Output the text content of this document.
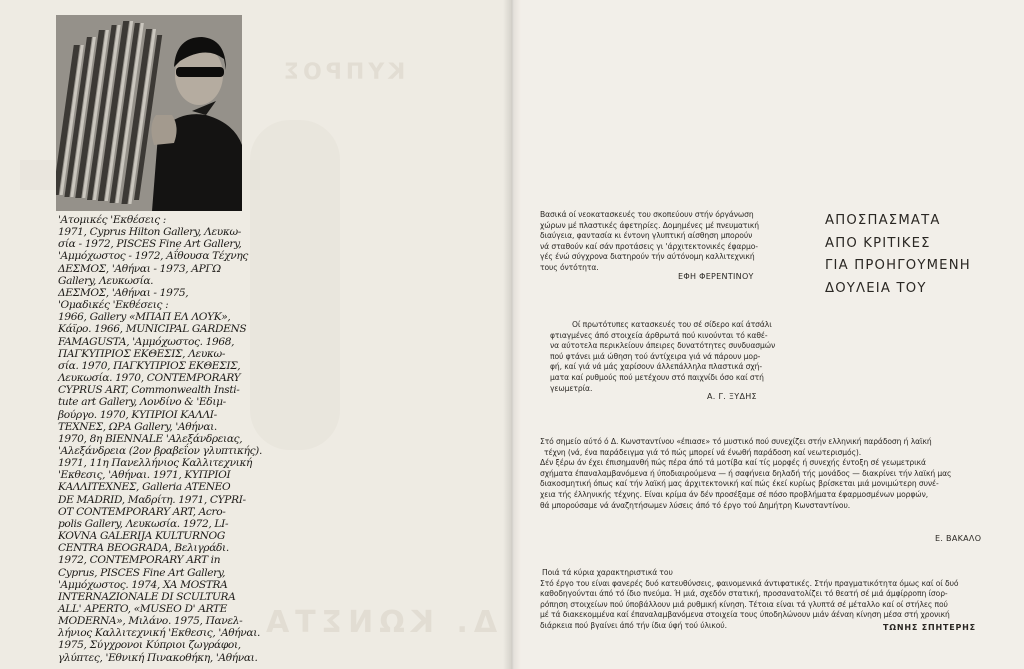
ΚΥΠΡΟΣ
Δ. ΚΩΝΣΤΑ
'Ατομικές 'Εκθέσεις :
1971, Cyprus Hilton Gallery, Λευκω-
σία - 1972, PISCES Fine Art Gallery,
'Αμμόχωστος - 1972, Αΐθουσα Τέχνης
ΔΕΣΜΟΣ, 'Αθήναι - 1973, ΑΡΓΩ
Gallery, Λευκωσία.
ΔΕΣΜΟΣ, 'Αθήναι - 1975,
'Ομαδικές 'Εκθέσεις :
1966, Gallery «ΜΠΑΠ ΕΛ ΛΟΥΚ»,
Κάϊρο. 1966, MUNICIPAL GARDENS
FAMAGUSTA, 'Αμμόχωστος. 1968,
ΠΑΓΚΥΠΡΙΟΣ ΕΚΘΕΣΙΣ, Λευκω-
σία. 1970, ΠΑΓΚΥΠΡΙΟΣ ΕΚΘΕΣΙΣ,
Λευκωσία. 1970, CONTEMPORARY
CYPRUS ART, Commonwealth Insti-
tute art Gallery, Λονδίνο & 'Εδιμ-
βούργο. 1970, ΚΥΠΡΙΟΙ ΚΑΛΛΙ-
ΤΕΧΝΕΣ, ΩΡΑ Gallery, 'Αθήναι.
1970, 8η BIENNALE 'Αλεξάνδρειας,
'Αλεξάνδρεια (2ον βραβεΐον γλυπτικής).
1971, 11η Πανελλήνιος Καλλιτεχνική
'Εκθεσις, 'Αθήναι. 1971, ΚΥΠΡΙΟΙ
ΚΑΛΛΙΤΕΧΝΕΣ, Galleria ATENEO
DE MADRID, Μαδρίτη. 1971, CYPRI-
OT CONTEMPORARY ART, Acro-
polis Gallery, Λευκωσία. 1972, LI-
KOVNA GALERIJA KULTURNOG
CENTRA BEOGRADA, Βελιγράδι.
1972, CONTEMPORARY ART in
Cyprus, PISCES Fine Art Gallery,
'Αμμόχωστος. 1974, XA MOSTRA
INTERNAZIONALE DI SCULTURA
ALL' APERTO, «MUSEO D' ARTE
MODERNA», Μιλάνο. 1975, Πανελ-
λήνιος Καλλιτεχνική 'Εκθεσις, 'Αθήναι.
1975, Σύγχρονοι Κύπριοι ζωγράφοι,
γλύπτες, 'Εθνική Πινακοθήκη, 'Αθήναι.
Βασικά οί νεοκατασκευές του σκοπεύουν στήν όργάνωση
χώρων μέ πλαστικές άφετηρίες. Δομημένες μέ πνευματική
διαύγεια, φαντασία κι έντονη γλυπτική αίσθηση μπορούν
νά σταθούν καί σάν προτάσεις γι 'άρχιτεκτονικές έφαρμο-
γές ένώ σύγχρονα διατηρούν τήν αύτόνομη καλλιτεχνική
τους όντότητα.
ΕΦΗ ΦΕΡΕΝΤΙΝΟΥ
ΑΠΟΣΠΑΣΜΑΤΑ
ΑΠΟ ΚΡΙΤΙΚΕΣ
ΓΙΑ ΠΡΟΗΓΟΥΜΕΝΗ
ΔΟΥΛΕΙΑ ΤΟΥ
Οί πρωτότυπες κατασκευές του σέ σίδερο καί άτσάλι
φτιαγμένες άπό στοιχεία άρθρωτά πού κινούνται τό καθέ-
να αύτοτελα περικλείουν άπειρες δυνατότητες συνδυασμών
πού φτάνει μιά ώθηση τού άντίχειρα γιά νά πάρουν μορ-
φή, καί γιά νά μάς χαρίσουν άλλεπάλληλα πλαστικά σχή-
ματα καί ρυθμούς πού μετέχουν στό παιχνίδι όσο καί στή
γεωμετρία.
Α. Γ. ΞΥΔΗΣ
Στό σημείο αύτό ό Δ. Κωνσταντίνου «έπιασε» τό μυστικό πού συνεχίζει στήν ελληνική παράδοση ή λαϊκή
τέχνη (νά, ένα παράδειγμα γιά τό πώς μπορεί νά ένωθή παράδοση καί νεωτερισμός).
Δέν ξέρω άν έχει έπισημανθή πώς πέρα άπό τά μοτίβα καί τίς μορφές ή συνεχής έντοξη σέ γεωμετρικά
σχήματα έπαναλαμβανόμενα ή ύποδιαιρούμενα — ή σαφήνεια δηλαδή τής μονάδος — διακρίνει τήν λαϊκή μας
διακοσμητική όπως καί τήν λαϊκή μας άρχιτεκτονική καί πώς έκεί κυρίως βρίσκεται μιά μονιμώτερη συνέ-
χεια τής έλληνικής τέχνης. Είναι κρίμα άν δέν προσέξαμε σέ πόσο προβλήματα έφαρμοσμένων μορφών,
θά μπορούσαμε νά άναζητήσωμεν λύσεις άπό τό έργο τού Δημήτρη Κωνσταντίνου.
Ε. ΒΑΚΑΛΟ
Ποιά τά κύρια χαρακτηριστικά του
Στό έργο του είναι φανερές δυό κατευθύνσεις, φαινομενικά άντιφατικές. Στήν πραγματικότητα όμως καί οί δυό
καθοδηγούνται άπό τό ίδιο πνεύμα. Ή μιά, σχεδόν στατική, προσανατολίζει τό θεατή σέ μιά άμφίρροπη ίσορ-
ρόπηση στοιχείων πού ύποβάλλουν μιά ρυθμική κίνηση. Τέτοια είναι τά γλυπτά σέ μέταλλο καί οί στήλες πού
μέ τά διακεκομμένα καί έπαναλαμβανόμενα στοιχεία τους ύποδηλώνουν μιάν άέναη κίνηση μέσα στή χρονική
διάρκεια πού βγαίνει άπό τήν ίδια ύφή τού ύλικού.	ΤΩΝΗΣ ΣΠΗΤΕΡΗΣ
